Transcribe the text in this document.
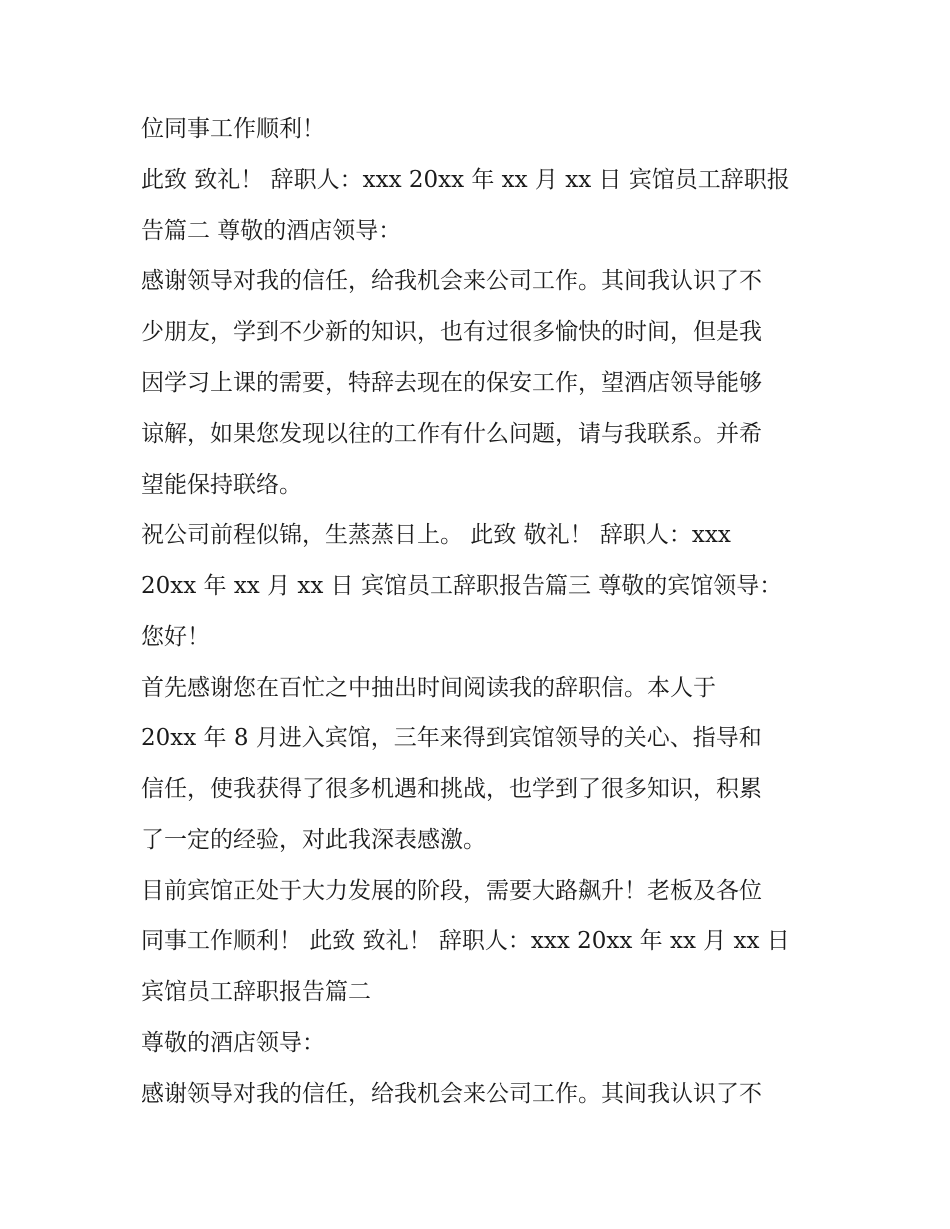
位同事工作顺利！
此致 致礼！ 辞职人：xxx 20xx 年 xx 月 xx 日 宾馆员工辞职报
告篇二 尊敬的酒店领导：
感谢领导对我的信任，给我机会来公司工作。其间我认识了不
少朋友，学到不少新的知识，也有过很多愉快的时间，但是我
因学习上课的需要，特辞去现在的保安工作，望酒店领导能够
谅解，如果您发现以往的工作有什么问题，请与我联系。并希
望能保持联络。
祝公司前程似锦，生蒸蒸日上。 此致 敬礼！ 辞职人：xxx
20xx 年 xx 月 xx 日 宾馆员工辞职报告篇三 尊敬的宾馆领导：
您好！
首先感谢您在百忙之中抽出时间阅读我的辞职信。本人于
20xx 年 8 月进入宾馆，三年来得到宾馆领导的关心、指导和
信任，使我获得了很多机遇和挑战，也学到了很多知识，积累
了一定的经验，对此我深表感激。
目前宾馆正处于大力发展的阶段，需要大路飙升！老板及各位
同事工作顺利！ 此致 致礼！ 辞职人：xxx 20xx 年 xx 月 xx 日
宾馆员工辞职报告篇二
尊敬的酒店领导：
感谢领导对我的信任，给我机会来公司工作。其间我认识了不
